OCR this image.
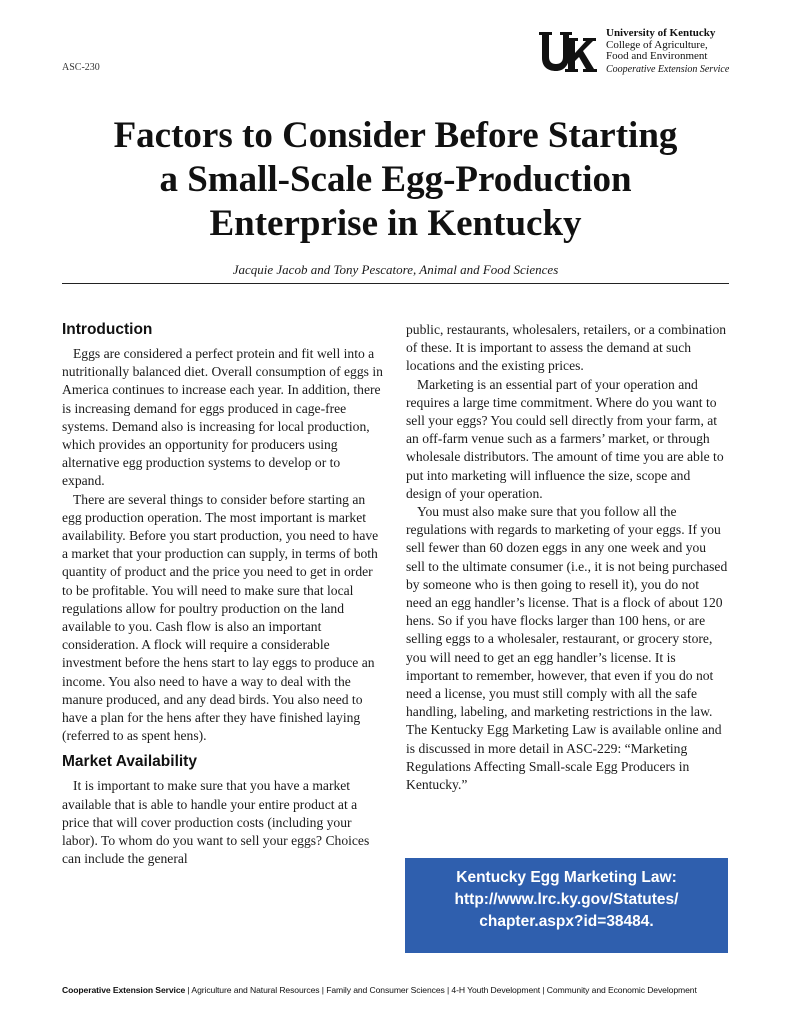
ASC-230
University of Kentucky
College of Agriculture,
Food and Environment
Cooperative Extension Service
Factors to Consider Before Starting
a Small-Scale Egg-Production
Enterprise in Kentucky
Jacquie Jacob and Tony Pescatore, Animal and Food Sciences
Introduction

Eggs are considered a perfect protein and fit well into a nutritionally balanced diet. Overall consumption of eggs in America continues to increase each year. In addition, there is increasing demand for eggs produced in cage-free systems. Demand also is increasing for local production, which provides an opportunity for producers using alternative egg production systems to develop or to expand.

There are several things to consider before starting an egg production operation. The most important is market availability. Before you start production, you need to have a market that your production can supply, in terms of both quantity of product and the price you need to get in order to be profitable. You will need to make sure that local regulations allow for poultry production on the land available to you. Cash flow is also an important consideration. A flock will require a considerable investment before the hens start to lay eggs to produce an income. You also need to have a way to deal with the manure produced, and any dead birds. You also need to have a plan for the hens after they have finished laying (referred to as spent hens).

Market Availability

It is important to make sure that you have a market available that is able to handle your entire product at a price that will cover production costs (including your labor). To whom do you want to sell your eggs? Choices can include the general

public, restaurants, wholesalers, retailers, or a combination of these. It is important to assess the demand at such locations and the existing prices.

Marketing is an essential part of your operation and requires a large time commitment. Where do you want to sell your eggs? You could sell directly from your farm, at an off-farm venue such as a farmers’ market, or through wholesale distributors. The amount of time you are able to put into marketing will influence the size, scope and design of your operation.

You must also make sure that you follow all the regulations with regards to marketing of your eggs. If you sell fewer than 60 dozen eggs in any one week and you sell to the ultimate consumer (i.e., it is not being purchased by someone who is then going to resell it), you do not need an egg handler’s license. That is a flock of about 120 hens. So if you have flocks larger than 100 hens, or are selling eggs to a wholesaler, restaurant, or grocery store, you will need to get an egg handler’s license. It is important to remember, however, that even if you do not need a license, you must still comply with all the safe handling, labeling, and marketing restrictions in the law. The Kentucky Egg Marketing Law is available online and is discussed in more detail in ASC-229: “Marketing Regulations Affecting Small-scale Egg Producers in Kentucky.”

Kentucky Egg Marketing Law:
http://www.lrc.ky.gov/Statutes/
chapter.aspx?id=38484.
Cooperative Extension Service | Agriculture and Natural Resources | Family and Consumer Sciences | 4-H Youth Development | Community and Economic Development
